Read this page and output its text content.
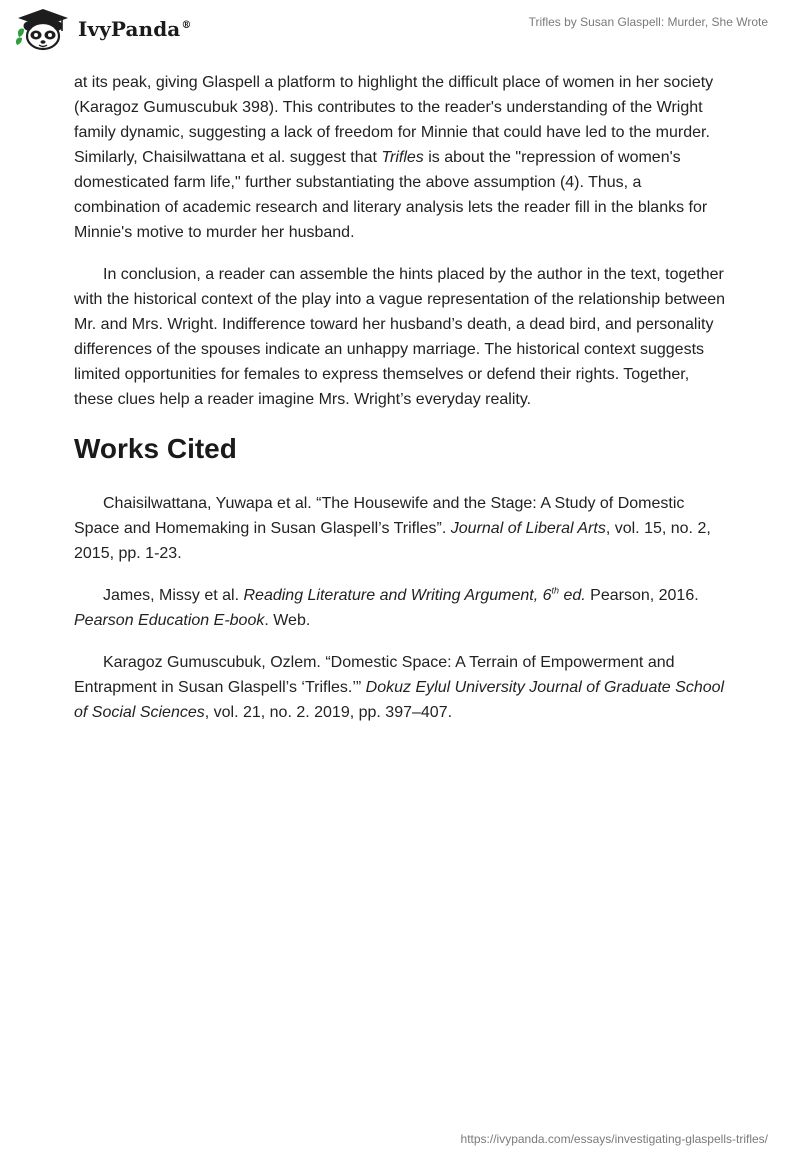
IvyPanda®	Trifles by Susan Glaspell: Murder, She Wrote

at its peak, giving Glaspell a platform to highlight the difficult place of women in her society (Karagoz Gumuscubuk 398). This contributes to the reader's understanding of the Wright family dynamic, suggesting a lack of freedom for Minnie that could have led to the murder. Similarly, Chaisilwattana et al. suggest that Trifles is about the "repression of women's domesticated farm life," further substantiating the above assumption (4). Thus, a combination of academic research and literary analysis lets the reader fill in the blanks for Minnie's motive to murder her husband.

In conclusion, a reader can assemble the hints placed by the author in the text, together with the historical context of the play into a vague representation of the relationship between Mr. and Mrs. Wright. Indifference toward her husband’s death, a dead bird, and personality differences of the spouses indicate an unhappy marriage. The historical context suggests limited opportunities for females to express themselves or defend their rights. Together, these clues help a reader imagine Mrs. Wright’s everyday reality.

Works Cited

Chaisilwattana, Yuwapa et al. “The Housewife and the Stage: A Study of Domestic Space and Homemaking in Susan Glaspell’s Trifles”. Journal of Liberal Arts, vol. 15, no. 2, 2015, pp. 1-23.

James, Missy et al. Reading Literature and Writing Argument, 6th ed. Pearson, 2016. Pearson Education E-book. Web.

Karagoz Gumuscubuk, Ozlem. “Domestic Space: A Terrain of Empowerment and Entrapment in Susan Glaspell’s ‘Trifles.’” Dokuz Eylul University Journal of Graduate School of Social Sciences, vol. 21, no. 2. 2019, pp. 397–407.

https://ivypanda.com/essays/investigating-glaspells-trifles/
